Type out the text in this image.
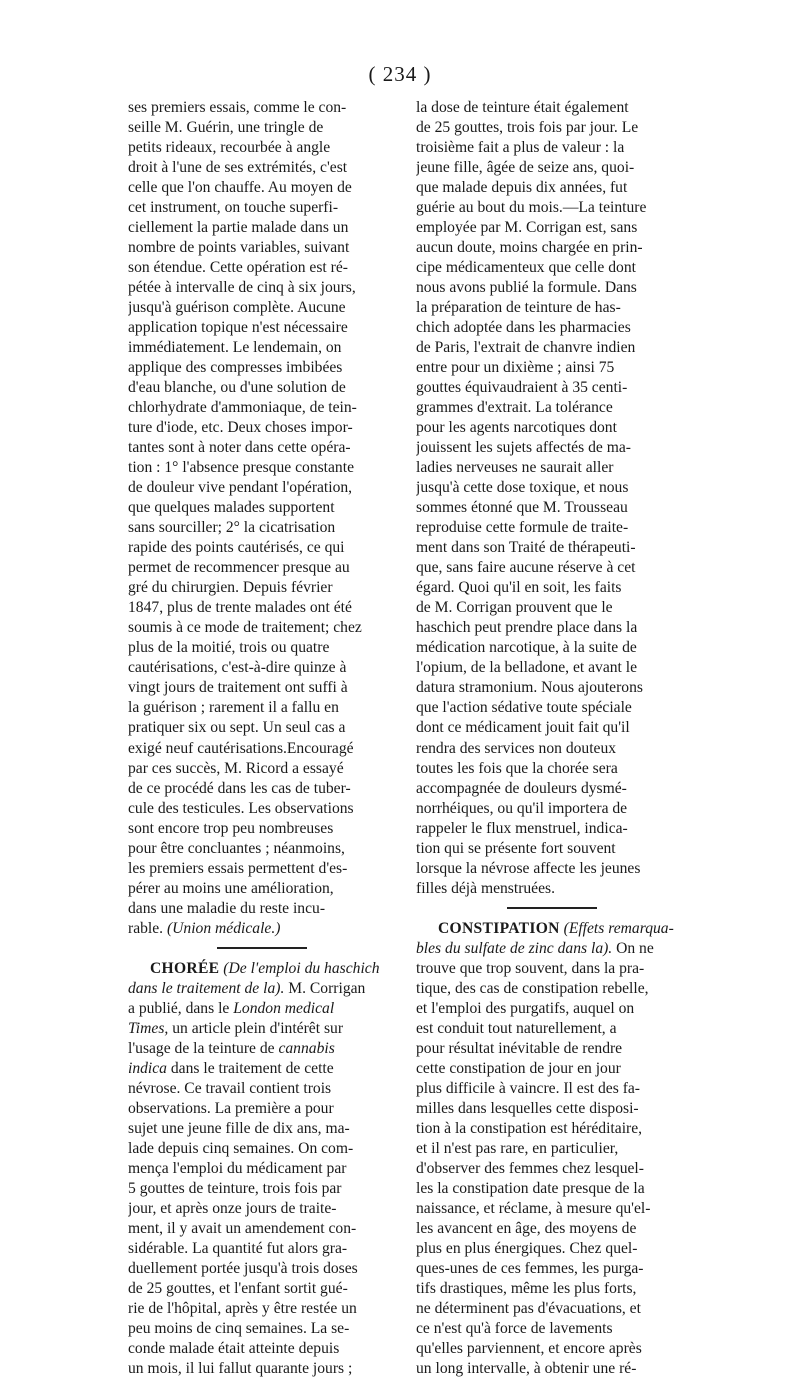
( 234 )
ses premiers essais, comme le con-
seille M. Guérin, une tringle de
petits rideaux, recourbée à angle
droit à l'une de ses extrémités, c'est
celle que l'on chauffe. Au moyen de
cet instrument, on touche superfi-
ciellement la partie malade dans un
nombre de points variables, suivant
son étendue. Cette opération est ré-
pétée à intervalle de cinq à six jours,
jusqu'à guérison complète. Aucune
application topique n'est nécessaire
immédiatement. Le lendemain, on
applique des compresses imbibées
d'eau blanche, ou d'une solution de
chlorhydrate d'ammoniaque, de tein-
ture d'iode, etc. Deux choses impor-
tantes sont à noter dans cette opéra-
tion : 1° l'absence presque constante
de douleur vive pendant l'opération,
que quelques malades supportent
sans sourciller; 2° la cicatrisation
rapide des points cautérisés, ce qui
permet de recommencer presque au
gré du chirurgien. Depuis février
1847, plus de trente malades ont été
soumis à ce mode de traitement; chez
plus de la moitié, trois ou quatre
cautérisations, c'est-à-dire quinze à
vingt jours de traitement ont suffi à
la guérison ; rarement il a fallu en
pratiquer six ou sept. Un seul cas a
exigé neuf cautérisations.Encouragé
par ces succès, M. Ricord a essayé
de ce procédé dans les cas de tuber-
cule des testicules. Les observations
sont encore trop peu nombreuses
pour être concluantes ; néanmoins,
les premiers essais permettent d'es-
pérer au moins une amélioration,
dans une maladie du reste incu-
rable. (Union médicale.)
CHORÉE (De l'emploi du haschich
dans le traitement de la). M. Corrigan
a publié, dans le London medical
Times, un article plein d'intérêt sur
l'usage de la teinture de cannabis
indica dans le traitement de cette
névrose. Ce travail contient trois
observations. La première a pour
sujet une jeune fille de dix ans, ma-
lade depuis cinq semaines. On com-
mença l'emploi du médicament par
5 gouttes de teinture, trois fois par
jour, et après onze jours de traite-
ment, il y avait un amendement con-
sidérable. La quantité fut alors gra-
duellement portée jusqu'à trois doses
de 25 gouttes, et l'enfant sortit gué-
rie de l'hôpital, après y être restée un
peu moins de cinq semaines. La se-
conde malade était atteinte depuis
un mois, il lui fallut quarante jours ;
la dose de teinture était également
de 25 gouttes, trois fois par jour. Le
troisième fait a plus de valeur : la
jeune fille, âgée de seize ans, quoi-
que malade depuis dix années, fut
guérie au bout du mois.—La teinture
employée par M. Corrigan est, sans
aucun doute, moins chargée en prin-
cipe médicamenteux que celle dont
nous avons publié la formule. Dans
la préparation de teinture de has-
chich adoptée dans les pharmacies
de Paris, l'extrait de chanvre indien
entre pour un dixième ; ainsi 75
gouttes équivaudraient à 35 centi-
grammes d'extrait. La tolérance
pour les agents narcotiques dont
jouissent les sujets affectés de ma-
ladies nerveuses ne saurait aller
jusqu'à cette dose toxique, et nous
sommes étonné que M. Trousseau
reproduise cette formule de traite-
ment dans son Traité de thérapeuti-
que, sans faire aucune réserve à cet
égard. Quoi qu'il en soit, les faits
de M. Corrigan prouvent que le
haschich peut prendre place dans la
médication narcotique, à la suite de
l'opium, de la belladone, et avant le
datura stramonium. Nous ajouterons
que l'action sédative toute spéciale
dont ce médicament jouit fait qu'il
rendra des services non douteux
toutes les fois que la chorée sera
accompagnée de douleurs dysmé-
norrhéiques, ou qu'il importera de
rappeler le flux menstruel, indica-
tion qui se présente fort souvent
lorsque la névrose affecte les jeunes
filles déjà menstruées.
CONSTIPATION (Effets remarqua-
bles du sulfate de zinc dans la). On ne
trouve que trop souvent, dans la pra-
tique, des cas de constipation rebelle,
et l'emploi des purgatifs, auquel on
est conduit tout naturellement, a
pour résultat inévitable de rendre
cette constipation de jour en jour
plus difficile à vaincre. Il est des fa-
milles dans lesquelles cette disposi-
tion à la constipation est héréditaire,
et il n'est pas rare, en particulier,
d'observer des femmes chez lesquel-
les la constipation date presque de la
naissance, et réclame, à mesure qu'el-
les avancent en âge, des moyens de
plus en plus énergiques. Chez quel-
ques-unes de ces femmes, les purga-
tifs drastiques, même les plus forts,
ne déterminent pas d'évacuations, et
ce n'est qu'à force de lavements
qu'elles parviennent, et encore après
un long intervalle, à obtenir une ré-
